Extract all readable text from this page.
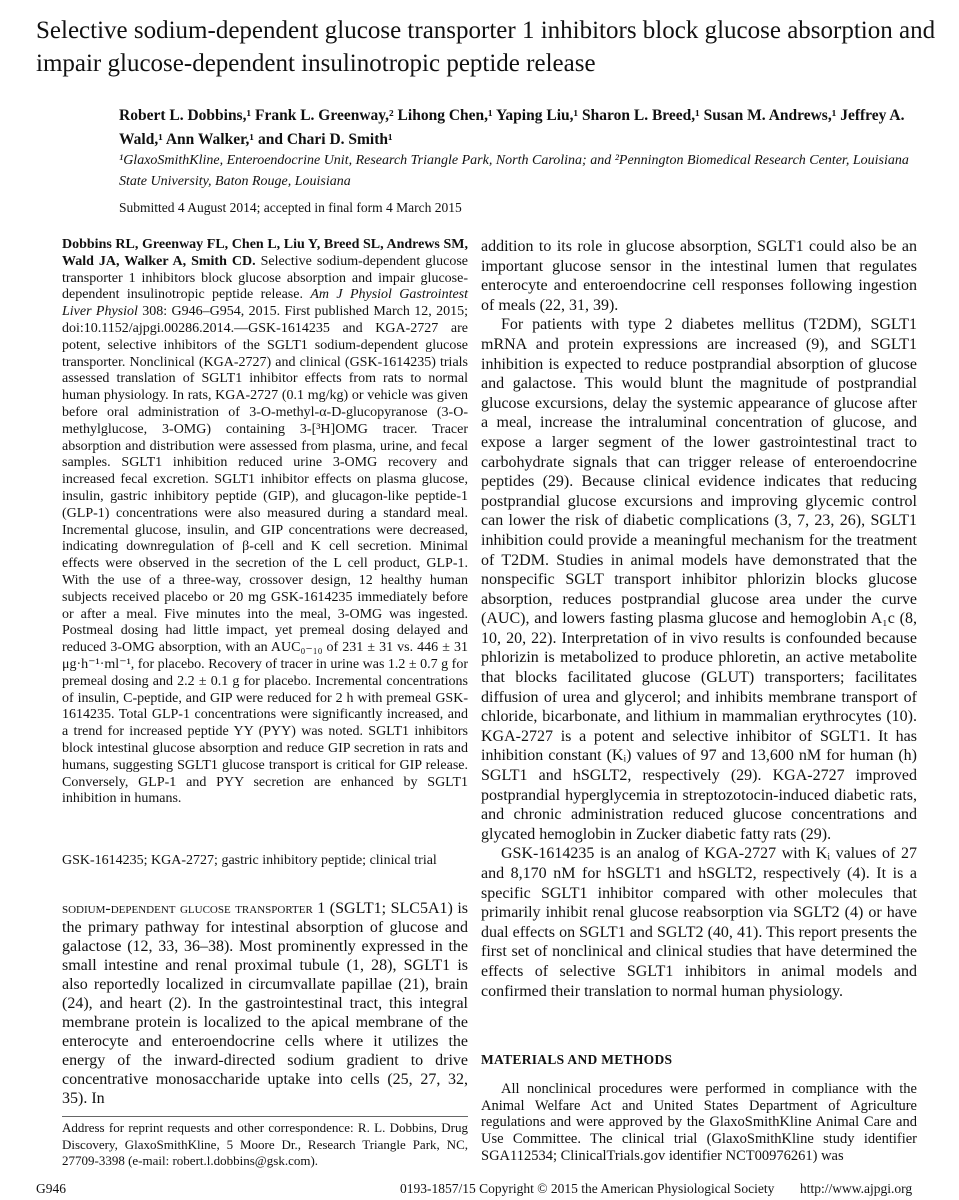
Selective sodium-dependent glucose transporter 1 inhibitors block glucose absorption and impair glucose-dependent insulinotropic peptide release
Robert L. Dobbins,¹ Frank L. Greenway,² Lihong Chen,¹ Yaping Liu,¹ Sharon L. Breed,¹ Susan M. Andrews,¹ Jeffrey A. Wald,¹ Ann Walker,¹ and Chari D. Smith¹
¹GlaxoSmithKline, Enteroendocrine Unit, Research Triangle Park, North Carolina; and ²Pennington Biomedical Research Center, Louisiana State University, Baton Rouge, Louisiana
Submitted 4 August 2014; accepted in final form 4 March 2015
Dobbins RL, Greenway FL, Chen L, Liu Y, Breed SL, Andrews SM, Wald JA, Walker A, Smith CD. Selective sodium-dependent glucose transporter 1 inhibitors block glucose absorption and impair glucose-dependent insulinotropic peptide release. Am J Physiol Gastrointest Liver Physiol 308: G946–G954, 2015. First published March 12, 2015; doi:10.1152/ajpgi.00286.2014.—GSK-1614235 and KGA-2727 are potent, selective inhibitors of the SGLT1 sodium-dependent glucose transporter. Nonclinical (KGA-2727) and clinical (GSK-1614235) trials assessed translation of SGLT1 inhibitor effects from rats to normal human physiology. In rats, KGA-2727 (0.1 mg/kg) or vehicle was given before oral administration of 3-O-methyl-α-D-glucopyranose (3-O-methylglucose, 3-OMG) containing 3-[³H]OMG tracer. Tracer absorption and distribution were assessed from plasma, urine, and fecal samples. SGLT1 inhibition reduced urine 3-OMG recovery and increased fecal excretion. SGLT1 inhibitor effects on plasma glucose, insulin, gastric inhibitory peptide (GIP), and glucagon-like peptide-1 (GLP-1) concentrations were also measured during a standard meal. Incremental glucose, insulin, and GIP concentrations were decreased, indicating downregulation of β-cell and K cell secretion. Minimal effects were observed in the secretion of the L cell product, GLP-1. With the use of a three-way, crossover design, 12 healthy human subjects received placebo or 20 mg GSK-1614235 immediately before or after a meal. Five minutes into the meal, 3-OMG was ingested. Postmeal dosing had little impact, yet premeal dosing delayed and reduced 3-OMG absorption, with an AUC₀₋₁₀ of 231 ± 31 vs. 446 ± 31 μg·h⁻¹·ml⁻¹, for placebo. Recovery of tracer in urine was 1.2 ± 0.7 g for premeal dosing and 2.2 ± 0.1 g for placebo. Incremental concentrations of insulin, C-peptide, and GIP were reduced for 2 h with premeal GSK-1614235. Total GLP-1 concentrations were significantly increased, and a trend for increased peptide YY (PYY) was noted. SGLT1 inhibitors block intestinal glucose absorption and reduce GIP secretion in rats and humans, suggesting SGLT1 glucose transport is critical for GIP release. Conversely, GLP-1 and PYY secretion are enhanced by SGLT1 inhibition in humans.
GSK-1614235; KGA-2727; gastric inhibitory peptide; clinical trial
sodium-dependent glucose transporter 1 (SGLT1; SLC5A1) is the primary pathway for intestinal absorption of glucose and galactose (12, 33, 36–38). Most prominently expressed in the small intestine and renal proximal tubule (1, 28), SGLT1 is also reportedly localized in circumvallate papillae (21), brain (24), and heart (2). In the gastrointestinal tract, this integral membrane protein is localized to the apical membrane of the enterocyte and enteroendocrine cells where it utilizes the energy of the inward-directed sodium gradient to drive concentrative monosaccharide uptake into cells (25, 27, 32, 35). In
Address for reprint requests and other correspondence: R. L. Dobbins, Drug Discovery, GlaxoSmithKline, 5 Moore Dr., Research Triangle Park, NC, 27709-3398 (e-mail: robert.l.dobbins@gsk.com).

addition to its role in glucose absorption, SGLT1 could also be an important glucose sensor in the intestinal lumen that regulates enterocyte and enteroendocrine cell responses following ingestion of meals (22, 31, 39).

For patients with type 2 diabetes mellitus (T2DM), SGLT1 mRNA and protein expressions are increased (9), and SGLT1 inhibition is expected to reduce postprandial absorption of glucose and galactose. This would blunt the magnitude of postprandial glucose excursions, delay the systemic appearance of glucose after a meal, increase the intraluminal concentration of glucose, and expose a larger segment of the lower gastrointestinal tract to carbohydrate signals that can trigger release of enteroendocrine peptides (29). Because clinical evidence indicates that reducing postprandial glucose excursions and improving glycemic control can lower the risk of diabetic complications (3, 7, 23, 26), SGLT1 inhibition could provide a meaningful mechanism for the treatment of T2DM. Studies in animal models have demonstrated that the nonspecific SGLT transport inhibitor phlorizin blocks glucose absorption, reduces postprandial glucose area under the curve (AUC), and lowers fasting plasma glucose and hemoglobin A₁c (8, 10, 20, 22). Interpretation of in vivo results is confounded because phlorizin is metabolized to produce phloretin, an active metabolite that blocks facilitated glucose (GLUT) transporters; facilitates diffusion of urea and glycerol; and inhibits membrane transport of chloride, bicarbonate, and lithium in mammalian erythrocytes (10). KGA-2727 is a potent and selective inhibitor of SGLT1. It has inhibition constant (Kᵢ) values of 97 and 13,600 nM for human (h) SGLT1 and hSGLT2, respectively (29). KGA-2727 improved postprandial hyperglycemia in streptozotocin-induced diabetic rats, and chronic administration reduced glucose concentrations and glycated hemoglobin in Zucker diabetic fatty rats (29).

GSK-1614235 is an analog of KGA-2727 with Kᵢ values of 27 and 8,170 nM for hSGLT1 and hSGLT2, respectively (4). It is a specific SGLT1 inhibitor compared with other molecules that primarily inhibit renal glucose reabsorption via SGLT2 (4) or have dual effects on SGLT1 and SGLT2 (40, 41). This report presents the first set of nonclinical and clinical studies that have determined the effects of selective SGLT1 inhibitors in animal models and confirmed their translation to normal human physiology.

MATERIALS AND METHODS

All nonclinical procedures were performed in compliance with the Animal Welfare Act and United States Department of Agriculture regulations and were approved by the GlaxoSmithKline Animal Care and Use Committee. The clinical trial (GlaxoSmithKline study identifier SGA112534; ClinicalTrials.gov identifier NCT00976261) was

G946	0193-1857/15 Copyright © 2015 the American Physiological Society http://www.ajpgi.org
